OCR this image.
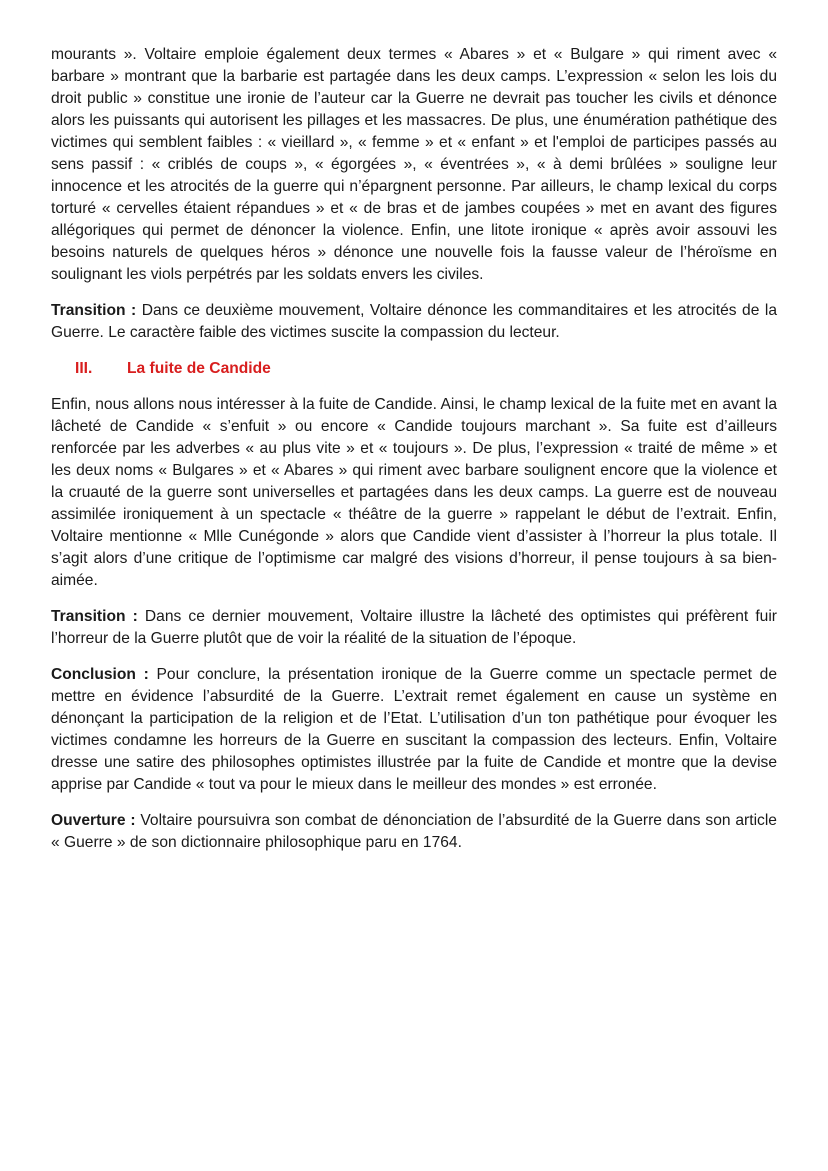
mourants ». Voltaire emploie également deux termes « Abares » et « Bulgare » qui riment avec « barbare » montrant que la barbarie est partagée dans les deux camps. L’expression « selon les lois du droit public » constitue une ironie de l’auteur car la Guerre ne devrait pas toucher les civils et dénonce alors les puissants qui autorisent les pillages et les massacres. De plus, une énumération pathétique des victimes qui semblent faibles : « vieillard », « femme » et « enfant » et l'emploi de participes passés au sens passif : « criblés de coups », « égorgées », « éventrées », « à demi brûlées » souligne leur innocence et les atrocités de la guerre qui n’épargnent personne. Par ailleurs, le champ lexical du corps torturé « cervelles étaient répandues » et « de bras et de jambes coupées » met en avant des figures allégoriques qui permet de dénoncer la violence. Enfin, une litote ironique « après avoir assouvi les besoins naturels de quelques héros » dénonce une nouvelle fois la fausse valeur de l’héroïsme en soulignant les viols perpétrés par les soldats envers les civiles.

Transition : Dans ce deuxième mouvement, Voltaire dénonce les commanditaires et les atrocités de la Guerre. Le caractère faible des victimes suscite la compassion du lecteur.

III. La fuite de Candide

Enfin, nous allons nous intéresser à la fuite de Candide. Ainsi, le champ lexical de la fuite met en avant la lâcheté de Candide « s’enfuit » ou encore « Candide toujours marchant ». Sa fuite est d’ailleurs renforcée par les adverbes « au plus vite » et « toujours ». De plus, l’expression « traité de même » et les deux noms « Bulgares » et « Abares » qui riment avec barbare soulignent encore que la violence et la cruauté de la guerre sont universelles et partagées dans les deux camps. La guerre est de nouveau assimilée ironiquement à un spectacle « théâtre de la guerre » rappelant le début de l’extrait. Enfin, Voltaire mentionne « Mlle Cunégonde » alors que Candide vient d’assister à l’horreur la plus totale. Il s’agit alors d’une critique de l’optimisme car malgré des visions d’horreur, il pense toujours à sa bien-aimée.

Transition : Dans ce dernier mouvement, Voltaire illustre la lâcheté des optimistes qui préfèrent fuir l’horreur de la Guerre plutôt que de voir la réalité de la situation de l’époque.

Conclusion : Pour conclure, la présentation ironique de la Guerre comme un spectacle permet de mettre en évidence l’absurdité de la Guerre. L’extrait remet également en cause un système en dénonçant la participation de la religion et de l’Etat. L’utilisation d’un ton pathétique pour évoquer les victimes condamne les horreurs de la Guerre en suscitant la compassion des lecteurs. Enfin, Voltaire dresse une satire des philosophes optimistes illustrée par la fuite de Candide et montre que la devise apprise par Candide « tout va pour le mieux dans le meilleur des mondes » est erronée.

Ouverture : Voltaire poursuivra son combat de dénonciation de l’absurdité de la Guerre dans son article « Guerre » de son dictionnaire philosophique paru en 1764.
